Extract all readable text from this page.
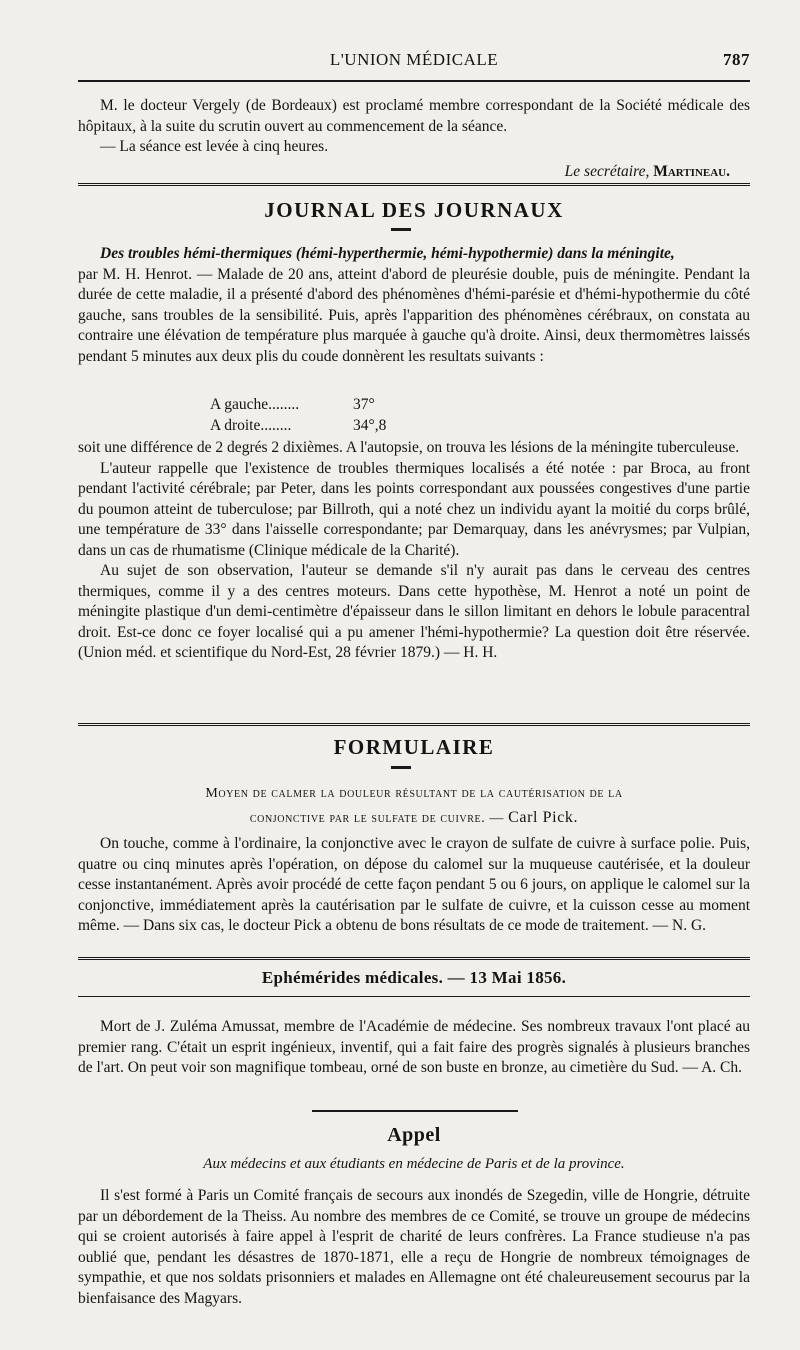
L'UNION MÉDICALE	787

M. le docteur Vergely (de Bordeaux) est proclamé membre correspondant de la Société médicale des hôpitaux, à la suite du scrutin ouvert au commencement de la séance.

— La séance est levée à cinq heures.

Le secrétaire, Martineau.

JOURNAL DES JOURNAUX

Des troubles hémi-thermiques (hémi-hyperthermie, hémi-hypothermie) dans la méningite,

par M. H. Henrot. — Malade de 20 ans, atteint d'abord de pleurésie double, puis de méningite. Pendant la durée de cette maladie, il a présenté d'abord des phénomènes d'hémi-parésie et d'hémi-hypothermie du côté gauche, sans troubles de la sensibilité. Puis, après l'apparition des phénomènes cérébraux, on constata au contraire une élévation de température plus marquée à gauche qu'à droite. Ainsi, deux thermomètres laissés pendant 5 minutes aux deux plis du coude donnèrent les resultats suivants :

A gauche........	37°
A droite........	34°,8

soit une différence de 2 degrés 2 dixièmes. A l'autopsie, on trouva les lésions de la méningite tuberculeuse.

L'auteur rappelle que l'existence de troubles thermiques localisés a été notée : par Broca, au front pendant l'activité cérébrale; par Peter, dans les points correspondant aux poussées congestives d'une partie du poumon atteint de tuberculose; par Billroth, qui a noté chez un individu ayant la moitié du corps brûlé, une température de 33° dans l'aisselle correspondante; par Demarquay, dans les anévrysmes; par Vulpian, dans un cas de rhumatisme (Clinique médicale de la Charité).

Au sujet de son observation, l'auteur se demande s'il n'y aurait pas dans le cerveau des centres thermiques, comme il y a des centres moteurs. Dans cette hypothèse, M. Henrot a noté un point de méningite plastique d'un demi-centimètre d'épaisseur dans le sillon limitant en dehors le lobule paracentral droit. Est-ce donc ce foyer localisé qui a pu amener l'hémi-hypothermie? La question doit être réservée. (Union méd. et scientifique du Nord-Est, 28 février 1879.) — H. H.

FORMULAIRE
Moyen de calmer la douleur résultant de la cautérisation de la
conjonctive par le sulfate de cuivre. — Carl Pick.

On touche, comme à l'ordinaire, la conjonctive avec le crayon de sulfate de cuivre à surface polie. Puis, quatre ou cinq minutes après l'opération, on dépose du calomel sur la muqueuse cautérisée, et la douleur cesse instantanément. Après avoir procédé de cette façon pendant 5 ou 6 jours, on applique le calomel sur la conjonctive, immédiatement après la cautérisation par le sulfate de cuivre, et la cuisson cesse au moment même. — Dans six cas, le docteur Pick a obtenu de bons résultats de ce mode de traitement. — N. G.

Ephémérides médicales. — 13 Mai 1856.

Mort de J. Zuléma Amussat, membre de l'Académie de médecine. Ses nombreux travaux l'ont placé au premier rang. C'était un esprit ingénieux, inventif, qui a fait faire des progrès signalés à plusieurs branches de l'art. On peut voir son magnifique tombeau, orné de son buste en bronze, au cimetière du Sud. — A. Ch.

Appel
Aux médecins et aux étudiants en médecine de Paris et de la province.

Il s'est formé à Paris un Comité français de secours aux inondés de Szegedin, ville de Hongrie, détruite par un débordement de la Theiss. Au nombre des membres de ce Comité, se trouve un groupe de médecins qui se croient autorisés à faire appel à l'esprit de charité de leurs confrères. La France studieuse n'a pas oublié que, pendant les désastres de 1870-1871, elle a reçu de Hongrie de nombreux témoignages de sympathie, et que nos soldats prisonniers et malades en Allemagne ont été chaleureusement secourus par la bienfaisance des Magyars.
